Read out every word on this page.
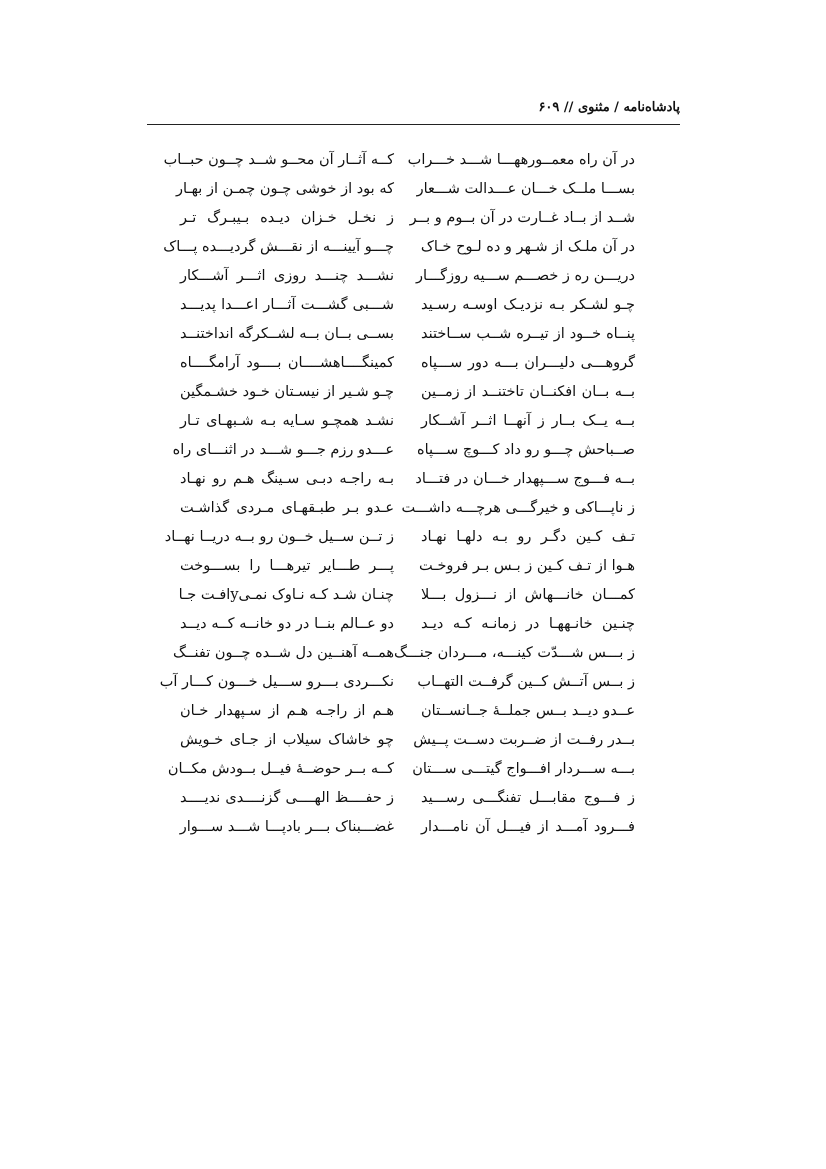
پادشاه‌نامه / مثنوی // ۶۰۹
در آن راه معمــورههـــا شـــد خـــراب
بســـا ملــک خـــان عـــدالت شـــعار
شــد از بــاد غــارت در آن بــوم و بــر
در آن ملـک از شـهر و ده لـوح خـاک
دریـــن ره ز خصـــم ســـیه روزگـــار
چـو لشـکر بـه نزدیـک اوسـه رسـید
پنــاه خــود از تیــره شــب ســاختند
گروهـــی دلیـــران بـــه دور ســـپاه
بــه بــان افکنــان تاختنــد از زمــین
بــه یــک بــار ز آنهــا اثــر آشــکار
صــباحش چـــو رو داد کـــوچ ســـپاه
بــه فـــوج ســـپهدار خـــان در فتـــاد
ز ناپـــاکی و خیرگـــی هرچـــه داشـــت
تـف کـین دگـر رو بـه دلهـا نهـاد
هـوا از تـف کـین ز بـس بـر فروخـت
کمـــان خانـــهاش از نـــزول بـــلا
چنـین خانـههـا در زمانـه کـه دیـد
ز بـــس شـــدّت کینـــه، مـــردان جنـــگ
ز بــس آتــش کــین گرفــت التهــاب
عــدو دیــد بــس جملــۀ جــانســتان
بــدر رفــت از ضــربت دســت پــیش
بـــه ســـردار افـــواج گیتـــی ســـتان
ز فـــوج مقابـــل تفنگـــی رســـید
فـــرود آمـــد از فیـــل آن نامـــدار
کــه آثــار آن محــو شــد چــون حبــاب
که بود از خوشی چـون چمـن از بهـار
ز نخـل خـزان دیـده بـیبـرگ تـر
چـــو آیینـــه از نقـــش گردیـــده پـــاک
نشـــد چنـــد روزی اثـــر آشـــکار
شـــبی گشـــت آثـــار اعـــدا پدیـــد
بســی بــان بــه لشــکرگه انداختنــد
کمینگــــاهشــــان بــــود آرامگــــاه
چـو شـیر از نیسـتان خـود خشـمگین
نشـد همچـو سـایه بـه شـبهـای تـار
عـــدو رزم جـــو شـــد در اثنـــای راه
بـه راجـه دبـی سـینگ هـم رو نهـاد
عـدو بـر طبـقهـای مـردی گذاشـت
ز تــن ســیل خــون رو بــه دریــا نهــاد
پـــر طـــایر تیرهـــا را بســـوخت
چنـان شـد کـه نـاوک نمـیyافـت جـا
دو عــالم بنــا در دو خانــه کــه دیــد
همــه آهنــین دل شــده چــون تفنــگ
نکـــردی بـــرو ســـیل خـــون کـــار آب
هـم از راجـه هـم از سـپهدار خـان
چو خاشاک سیلاب از جـای خـویش
کــه بــر حوضــۀ فیــل بــودش مکــان
ز حفــــظ الهــــی گزنــــدی ندیــــد
غضـــبناک بـــر بادپـــا شـــد ســـوار
